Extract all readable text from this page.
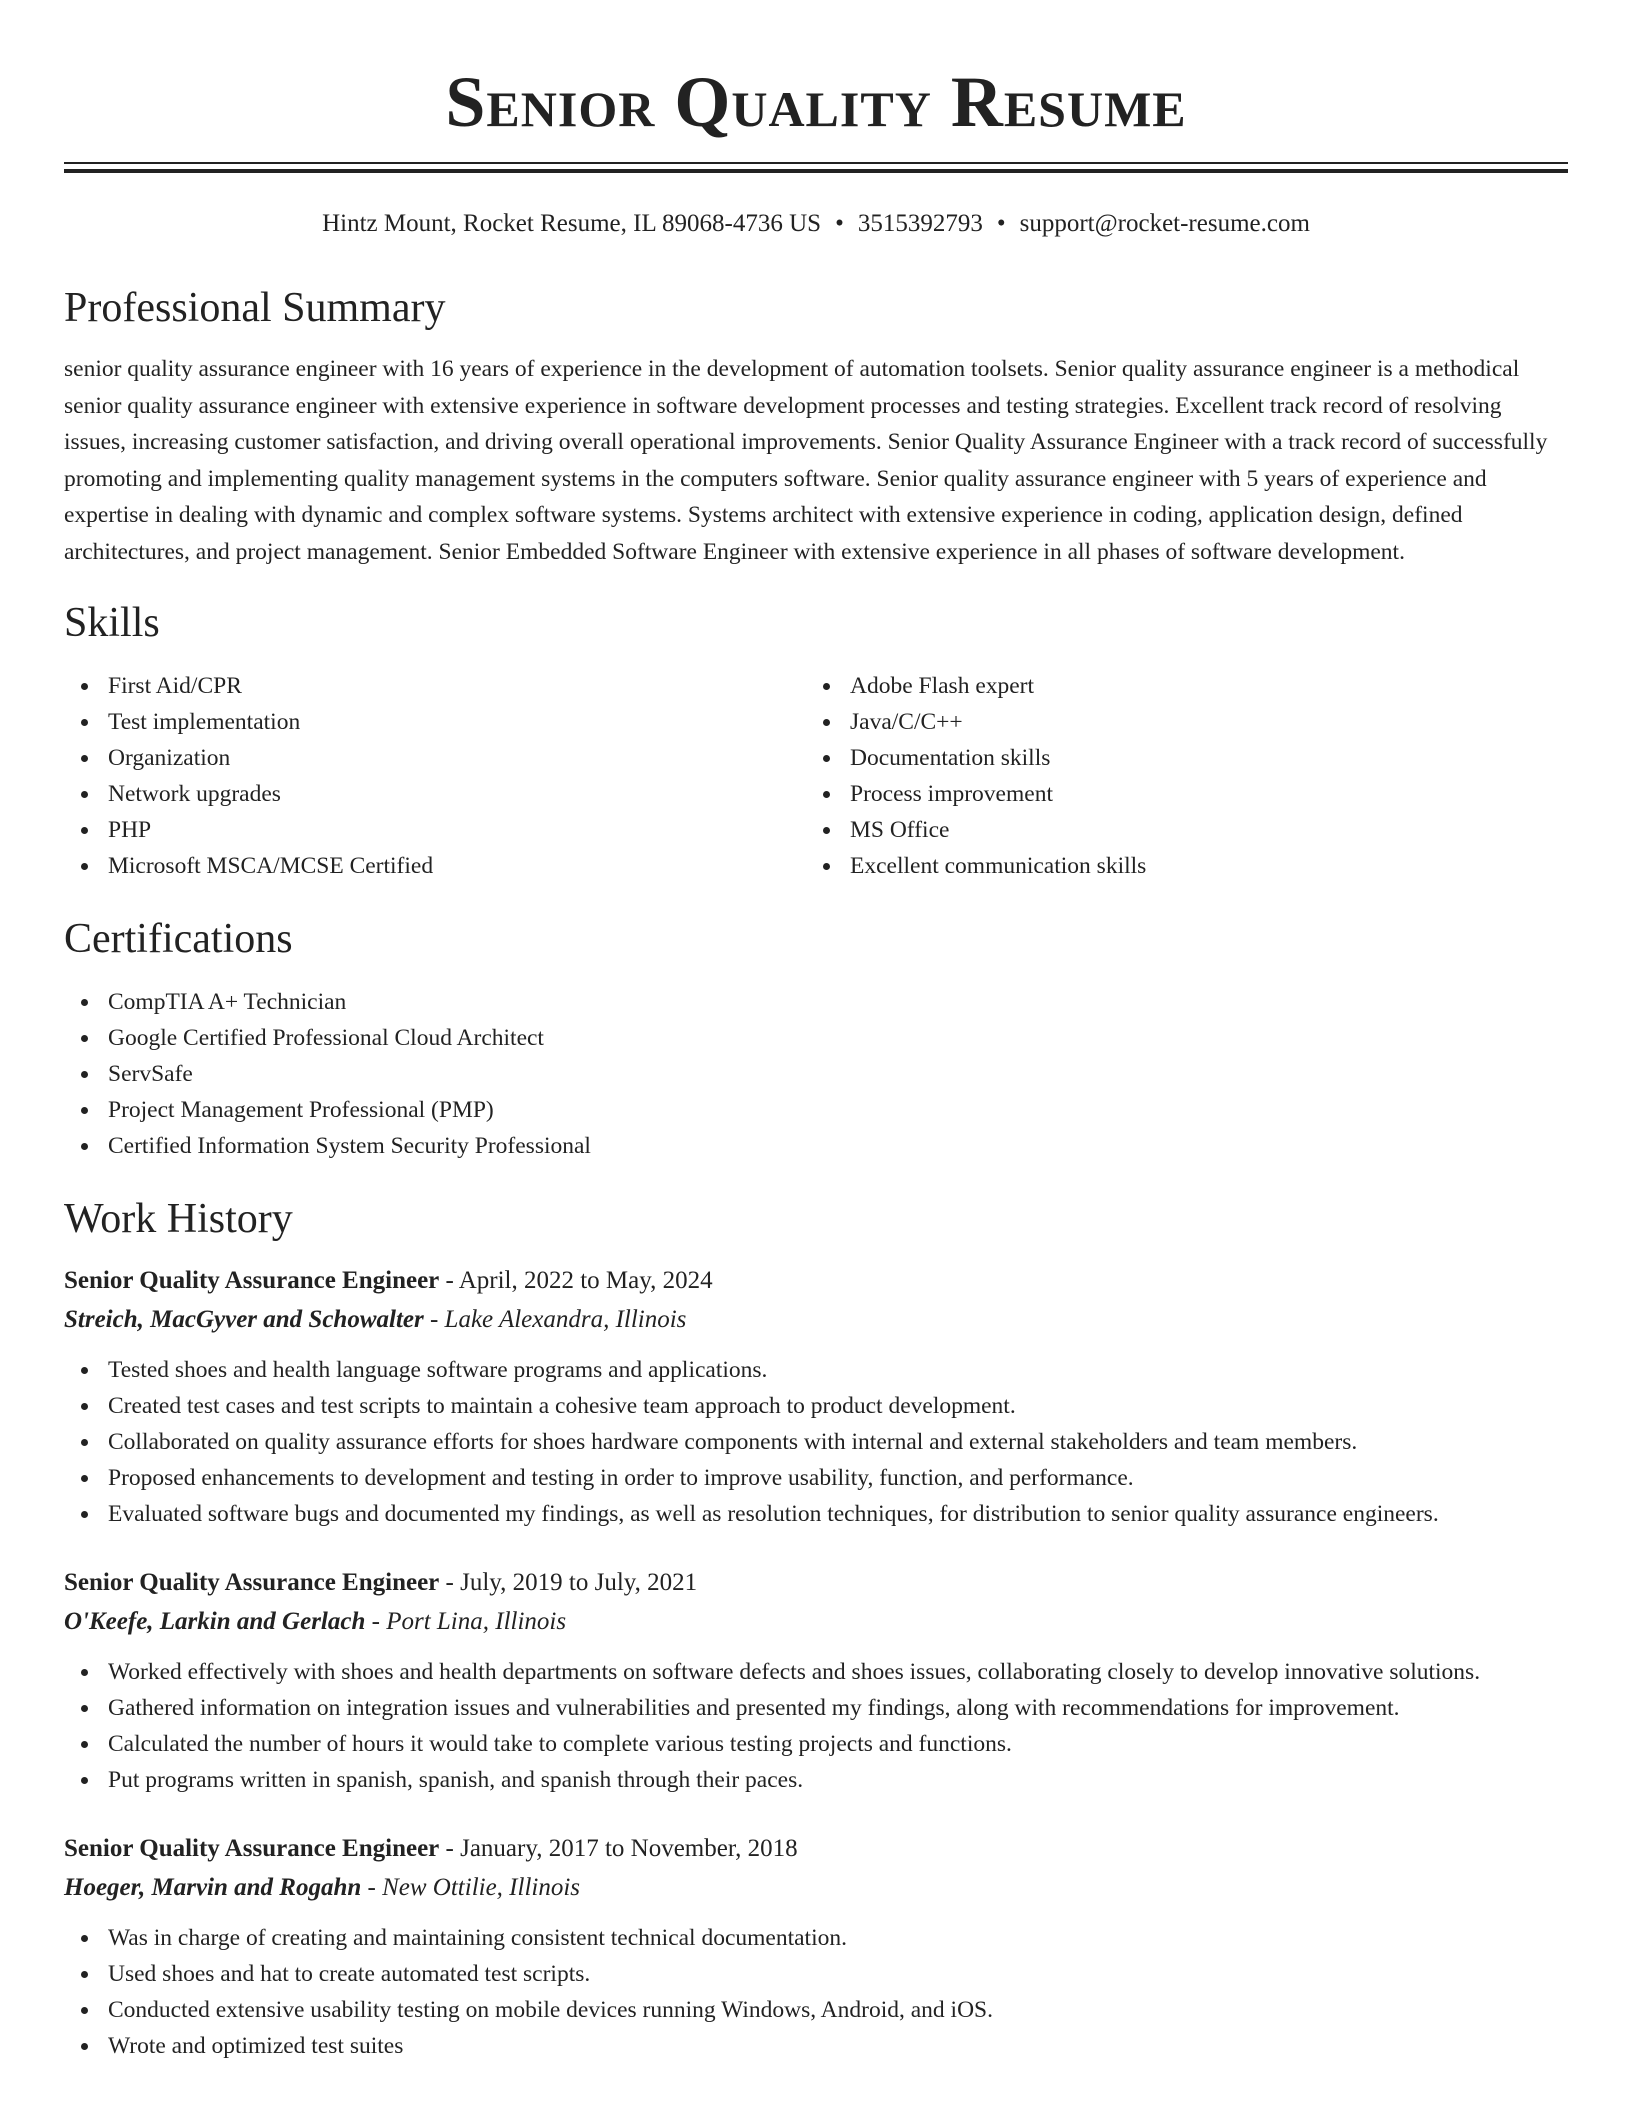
Senior Quality Resume
Hintz Mount, Rocket Resume, IL 89068-4736 US • 3515392793 • support@rocket-resume.com
Professional Summary

senior quality assurance engineer with 16 years of experience in the development of automation toolsets. Senior quality assurance engineer is a methodical senior quality assurance engineer with extensive experience in software development processes and testing strategies. Excellent track record of resolving issues, increasing customer satisfaction, and driving overall operational improvements. Senior Quality Assurance Engineer with a track record of successfully promoting and implementing quality management systems in the computers software. Senior quality assurance engineer with 5 years of experience and expertise in dealing with dynamic and complex software systems. Systems architect with extensive experience in coding, application design, defined architectures, and project management. Senior Embedded Software Engineer with extensive experience in all phases of software development.

Skills
First Aid/CPR
Test implementation
Organization
Network upgrades
PHP
Microsoft MSCA/MCSE Certified
Adobe Flash expert
Java/C/C++
Documentation skills
Process improvement
MS Office
Excellent communication skills
Certifications
CompTIA A+ Technician
Google Certified Professional Cloud Architect
ServSafe
Project Management Professional (PMP)
Certified Information System Security Professional
Work History
Senior Quality Assurance Engineer - April, 2022 to May, 2024
Streich, MacGyver and Schowalter - Lake Alexandra, Illinois
Tested shoes and health language software programs and applications.
Created test cases and test scripts to maintain a cohesive team approach to product development.
Collaborated on quality assurance efforts for shoes hardware components with internal and external stakeholders and team members.
Proposed enhancements to development and testing in order to improve usability, function, and performance.
Evaluated software bugs and documented my findings, as well as resolution techniques, for distribution to senior quality assurance engineers.
Senior Quality Assurance Engineer - July, 2019 to July, 2021
O'Keefe, Larkin and Gerlach - Port Lina, Illinois
Worked effectively with shoes and health departments on software defects and shoes issues, collaborating closely to develop innovative solutions.
Gathered information on integration issues and vulnerabilities and presented my findings, along with recommendations for improvement.
Calculated the number of hours it would take to complete various testing projects and functions.
Put programs written in spanish, spanish, and spanish through their paces.
Senior Quality Assurance Engineer - January, 2017 to November, 2018
Hoeger, Marvin and Rogahn - New Ottilie, Illinois
Was in charge of creating and maintaining consistent technical documentation.
Used shoes and hat to create automated test scripts.
Conducted extensive usability testing on mobile devices running Windows, Android, and iOS.
Wrote and optimized test suites
